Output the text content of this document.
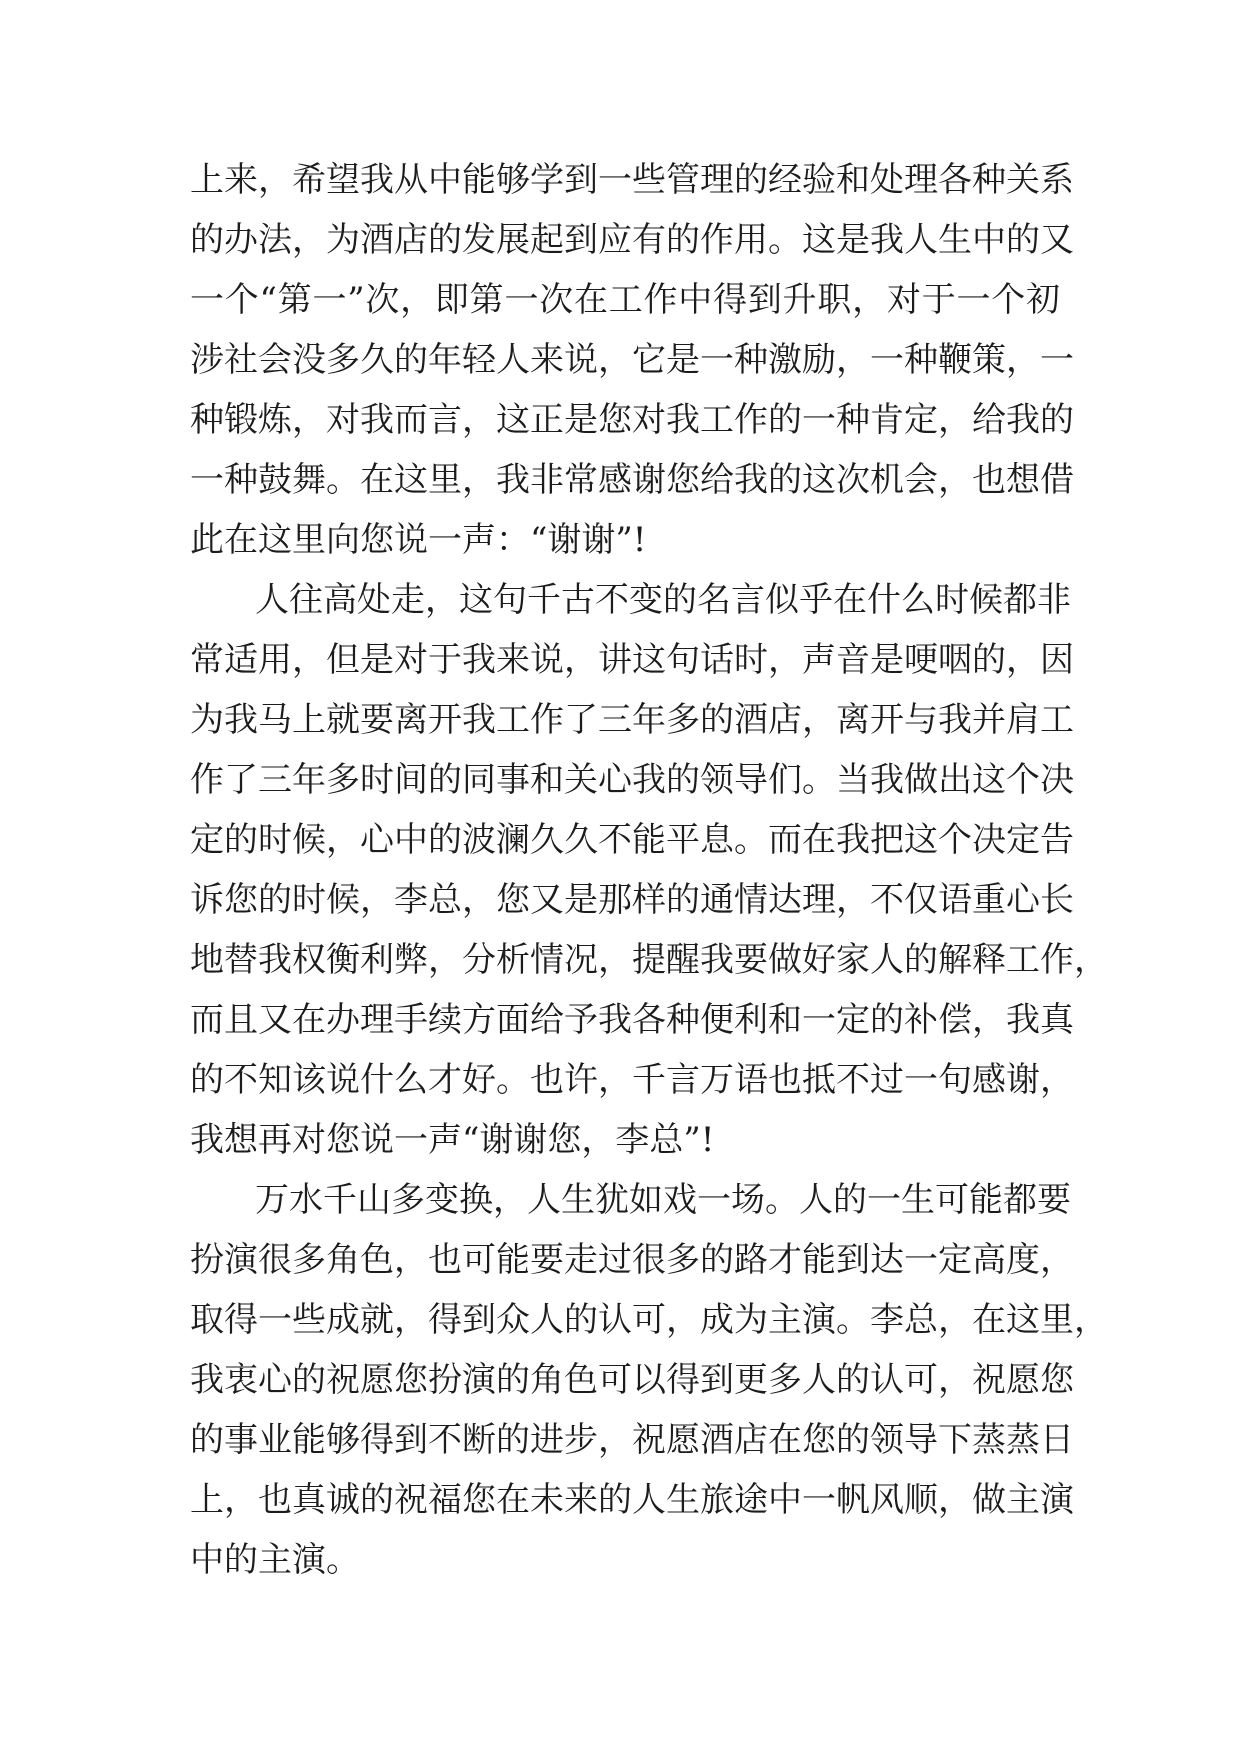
上来，希望我从中能够学到一些管理的经验和处理各种关系
的办法，为酒店的发展起到应有的作用。这是我人生中的又
一个“第一”次，即第一次在工作中得到升职，对于一个初
涉社会没多久的年轻人来说，它是一种激励，一种鞭策，一
种锻炼，对我而言，这正是您对我工作的一种肯定，给我的
一种鼓舞。在这里，我非常感谢您给我的这次机会，也想借
此在这里向您说一声：“谢谢”!
人往高处走，这句千古不变的名言似乎在什么时候都非
常适用，但是对于我来说，讲这句话时，声音是哽咽的，因
为我马上就要离开我工作了三年多的酒店，离开与我并肩工
作了三年多时间的同事和关心我的领导们。当我做出这个决
定的时候，心中的波澜久久不能平息。而在我把这个决定告
诉您的时候，李总，您又是那样的通情达理，不仅语重心长
地替我权衡利弊，分析情况，提醒我要做好家人的解释工作，
而且又在办理手续方面给予我各种便利和一定的补偿，我真
的不知该说什么才好。也许，千言万语也抵不过一句感谢，
我想再对您说一声“谢谢您，李总”!
万水千山多变换，人生犹如戏一场。人的一生可能都要
扮演很多角色，也可能要走过很多的路才能到达一定高度，
取得一些成就，得到众人的认可，成为主演。李总，在这里，
我衷心的祝愿您扮演的角色可以得到更多人的认可，祝愿您
的事业能够得到不断的进步，祝愿酒店在您的领导下蒸蒸日
上，也真诚的祝福您在未来的人生旅途中一帆风顺，做主演
中的主演。
